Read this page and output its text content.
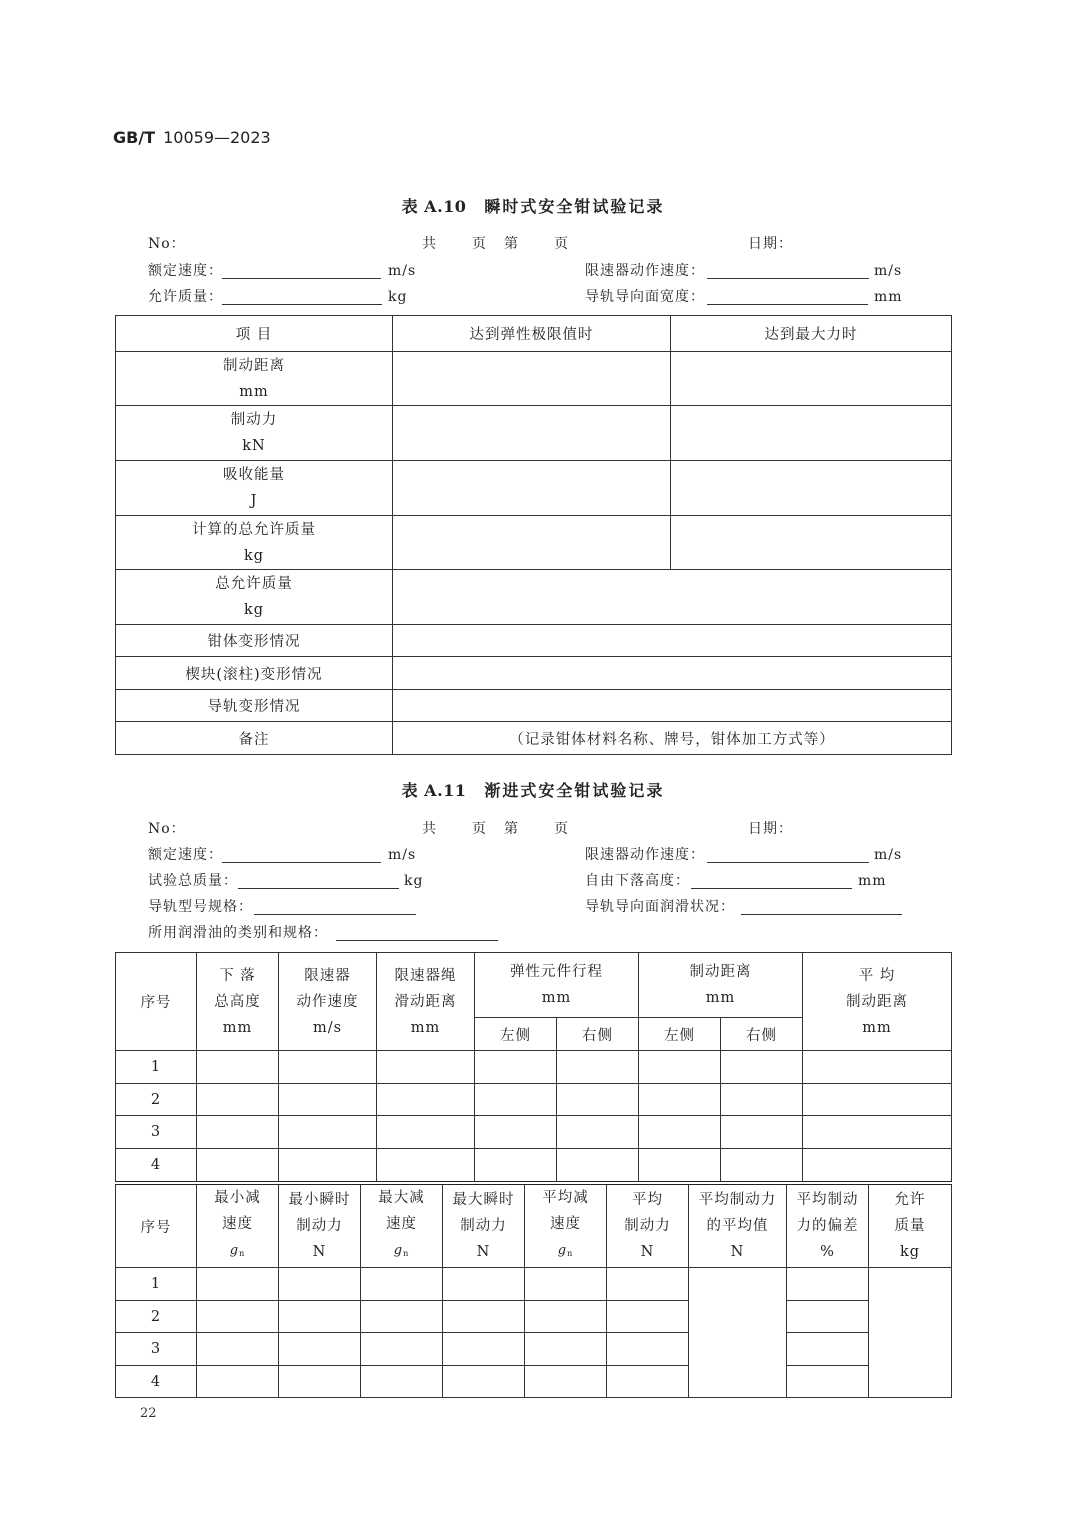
GB/T 10059—2023
表 A.10 瞬时式安全钳试验记录
No：	共	页 第	页	日期：
额定速度：	m/s	限速器动作速度：	m/s
允许质量：	kg	导轨导向面宽度：	mm
项 目	达到弹性极限值时	达到最大力时

制动距离
mm		

制动力
kN		

吸收能量
J		

计算的总允许质量
kg		

总允许质量
kg		

钳体变形情况		
楔块(滚柱)变形情况		
导轨变形情况		
备注	（记录钳体材料名称、牌号，钳体加工方式等）	
表 A.11 渐进式安全钳试验记录
No：	共	页 第	页	日期：
额定速度：	m/s	限速器动作速度：	m/s
试验总质量：	kg	自由下落高度：	mm
导轨型号规格：	导轨导向面润滑状况：
所用润滑油的类别和规格：
序号	下 落
总高度
mm	限速器
动作速度
m/s	限速器绳
滑动距离
mm	弹性元件行程
mm		制动距离
mm		平 均
制动距离
mm

				左侧	右侧	左侧	右侧	
1								
2								
3								
4								
序号	最小减
速度
gn	最小瞬时
制动力
N	最大减
速度
gn	最大瞬时
制动力
N	平均减
速度
gn	平均
制动力
N	平均制动力
的平均值
N	平均制动
力的偏差
%	允许
质量
kg

1									
2									
3									
4									
22
